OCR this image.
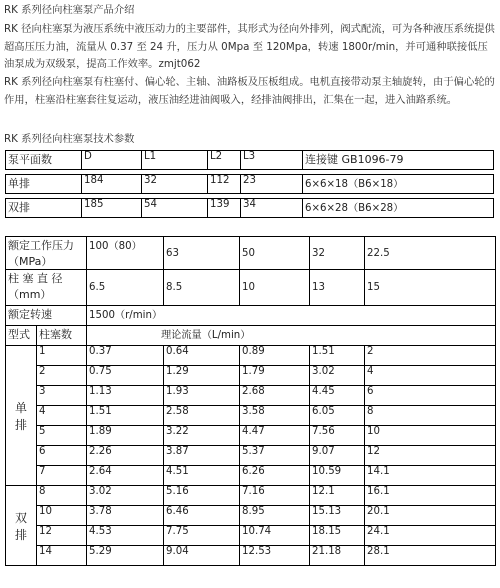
RK 系列径向柱塞泵产品介绍

RK 径向柱塞泵为液压系统中液压动力的主要部件，其形式为径向外排列，阀式配流，可为各种液压系统提供超高压压力油，流量从 0.37 至 24 升，压力从 0Mpa 至 120Mpa，转速 1800r/min，并可通种联接低压油泵成为双级泵，提高工作效率。zmjt062

RK 系列径向柱塞泵有柱塞付、偏心轮、主轴、油路板及压板组成。电机直接带动泵主轴旋转，由于偏心轮的作用，柱塞沿柱塞套往复运动，液压油经进油阀吸入，经排油阀排出，汇集在一起，进入油路系统。

RK 系列径向柱塞泵技术参数

泵平面数	D	L1	L2	L3	连接键 GB1096-79

单排	184	32	112	23	6×6×18（B6×18）

双排	185	54	139	34	6×6×28（B6×28）
额定工作压力（MPa）		100（80）	63	50	32	22.5
柱 塞 直 径（mm）		6.5	8.5	10	13	15
额定转速		1500（r/min）				
型式	柱塞数	理论流量（L/min）				
单
排	1	0.37	0.64	0.89	1.51	2
	2	0.75	1.29	1.79	3.02	4
	3	1.13	1.93	2.68	4.45	6
	4	1.51	2.58	3.58	6.05	8
	5	1.89	3.22	4.47	7.56	10
	6	2.26	3.87	5.37	9.07	12
	7	2.64	4.51	6.26	10.59	14.1
双
排	8	3.02	5.16	7.16	12.1	16.1
	10	3.78	6.46	8.95	15.13	20.1
	12	4.53	7.75	10.74	18.15	24.1
	14	5.29	9.04	12.53	21.18	28.1
